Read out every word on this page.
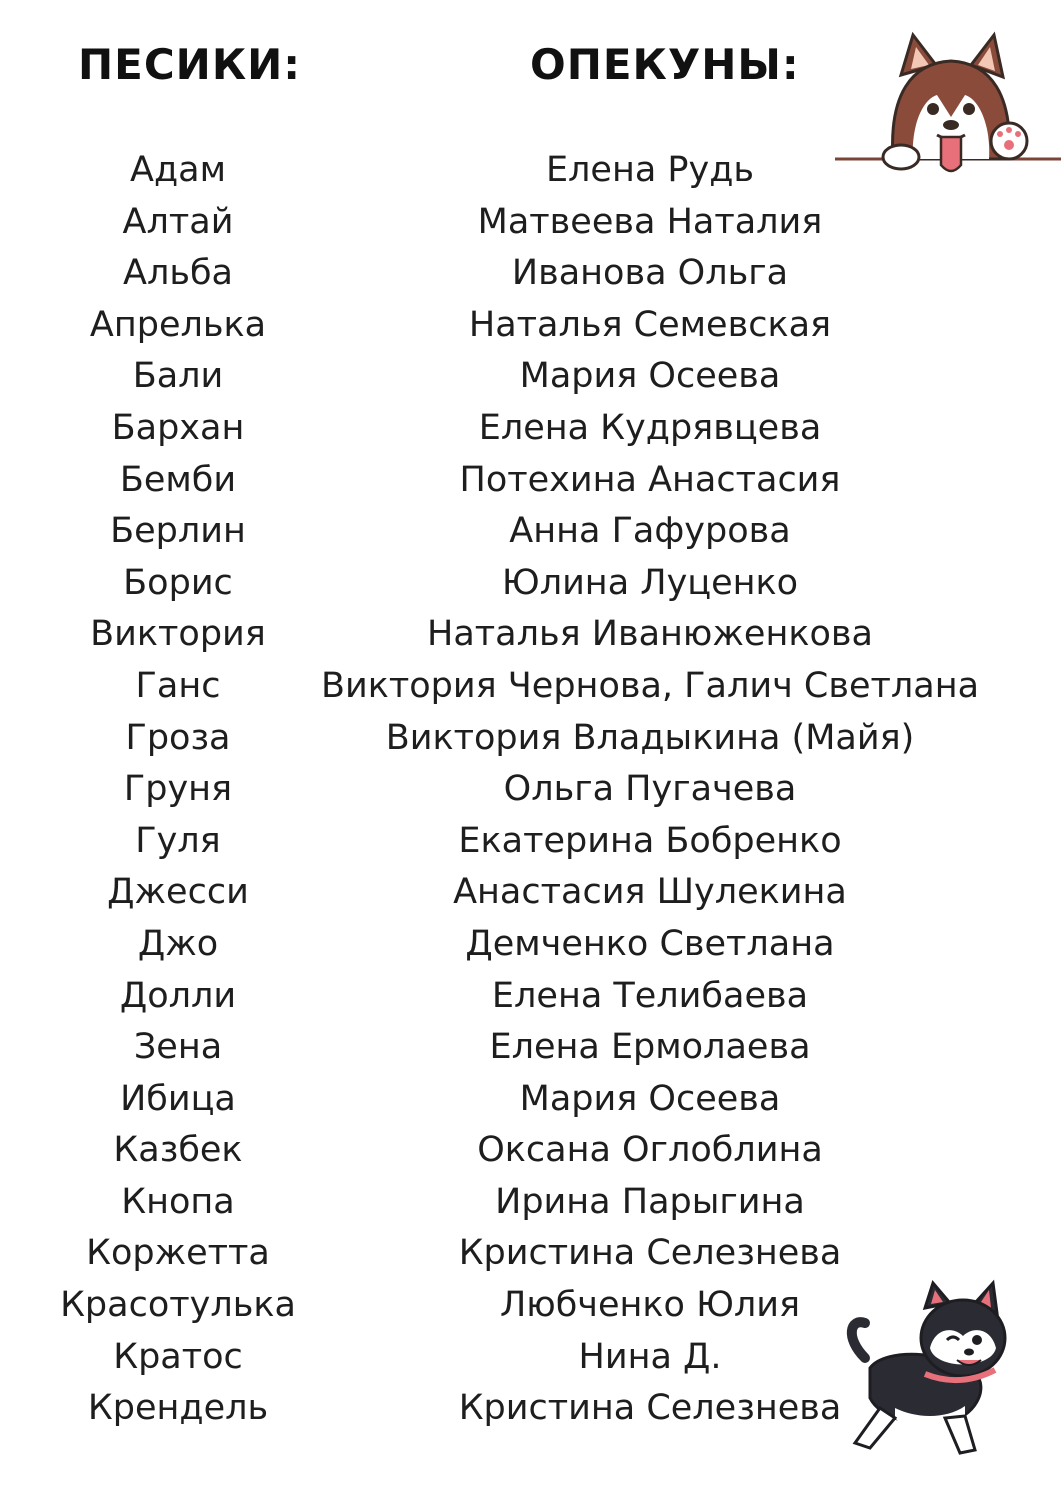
ПЕСИКИ:	ОПЕКУНЫ:
Адам
Алтай
Альба
Апрелька
Бали
Бархан
Бемби
Берлин
Борис
Виктория
Ганс
Гроза
Груня
Гуля
Джесси
Джо
Долли
Зена
Ибица
Казбек
Кнопа
Коржетта
Красотулька
Кратос
Крендель
Елена Рудь
Матвеева Наталия
Иванова Ольга
Наталья Семевская
Мария Осеева
Елена Кудрявцева
Потехина Анастасия
Анна Гафурова
Юлина Луценко
Наталья Иванюженкова
Виктория Чернова, Галич Светлана
Виктория Владыкина (Майя)
Ольга Пугачева
Екатерина Бобренко
Анастасия Шулекина
Демченко Светлана
Елена Телибаева
Елена Ермолаева
Мария Осеева
Оксана Оглоблина
Ирина Парыгина
Кристина Селезнева
Любченко Юлия
Нина Д.
Кристина Селезнева
